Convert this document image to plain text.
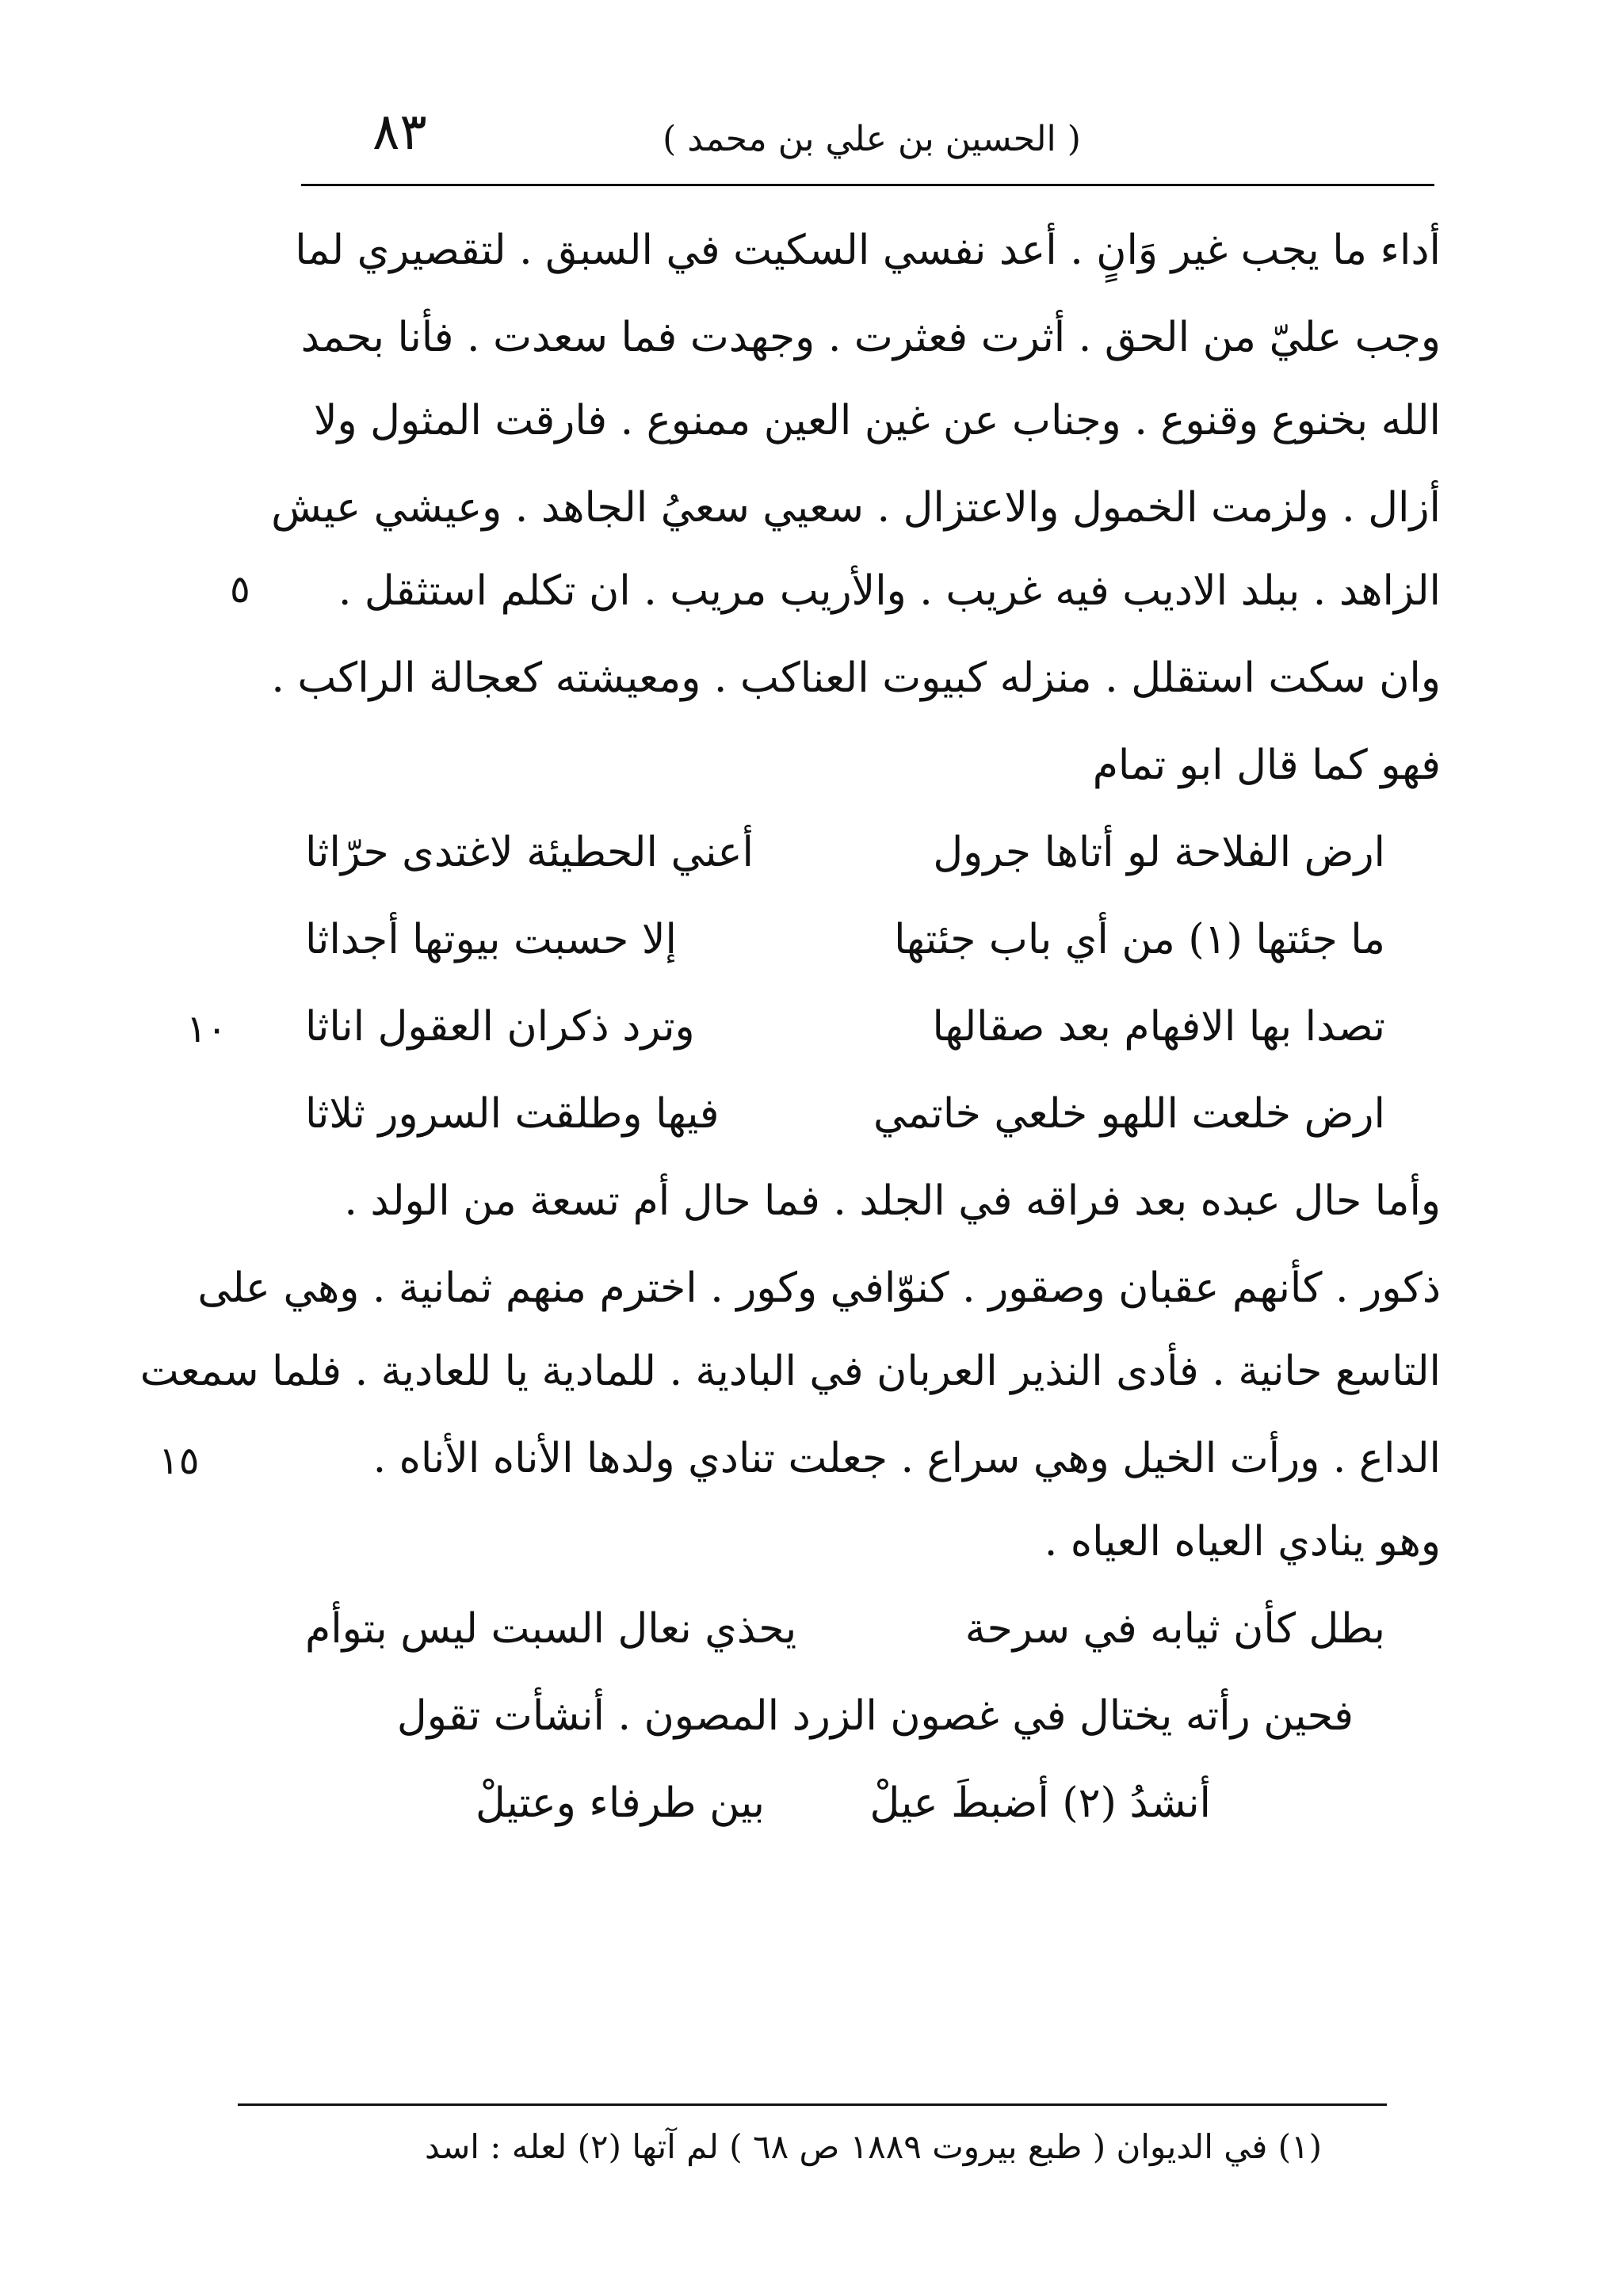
٨٣	( الحسين بن علي بن محمد )
أداء ما يجب غير وَانٍ . أعد نفسي السكيت في السبق . لتقصيري لما
وجب عليّ من الحق . أثرت فعثرت . وجهدت فما سعدت . فأنا بحمد
الله بخنوع وقنوع . وجناب عن غين العين ممنوع . فارقت المثول ولا
أزال . ولزمت الخمول والاعتزال . سعيي سعيُ الجاهد . وعيشي عيش
الزاهد . ببلد الاديب فيه غريب . والأريب مريب . ان تكلم استثقل .
وان سكت استقلل . منزله كبيوت العناكب . ومعيشته كعجالة الراكب .
فهو كما قال ابو تمام
٥
ارض الفلاحة لو أتاها جرول
أعني الحطيئة لاغتدى حرّاثا
ما جئتها (١) من أي باب جئتها
إلا حسبت بيوتها أجداثا
تصدا بها الافهام بعد صقالها
وترد ذكران العقول اناثا
١٠
ارض خلعت اللهو خلعي خاتمي
فيها وطلقت السرور ثلاثا
وأما حال عبده بعد فراقه في الجلد . فما حال أم تسعة من الولد .
ذكور . كأنهم عقبان وصقور . كنوّافي وكور . اخترم منهم ثمانية . وهي على
التاسع حانية . فأدى النذير العربان في البادية . للمادية يا للعادية . فلما سمعت
الداع . ورأت الخيل وهي سراع . جعلت تنادي ولدها الأناه الأناه .
وهو ينادي العياه العياه .
١٥
بطل كأن ثيابه في سرحة
يحذي نعال السبت ليس بتوأم
فحين رأته يختال في غصون الزرد المصون . أنشأت تقول
أنشدُ (٢) أضبطَ عيلْ
بين طرفاء وعتيلْ
(١) في الديوان ( طبع بيروت ١٨٨٩ ص ٦٨ ) لم آتها (٢) لعله : اسد
